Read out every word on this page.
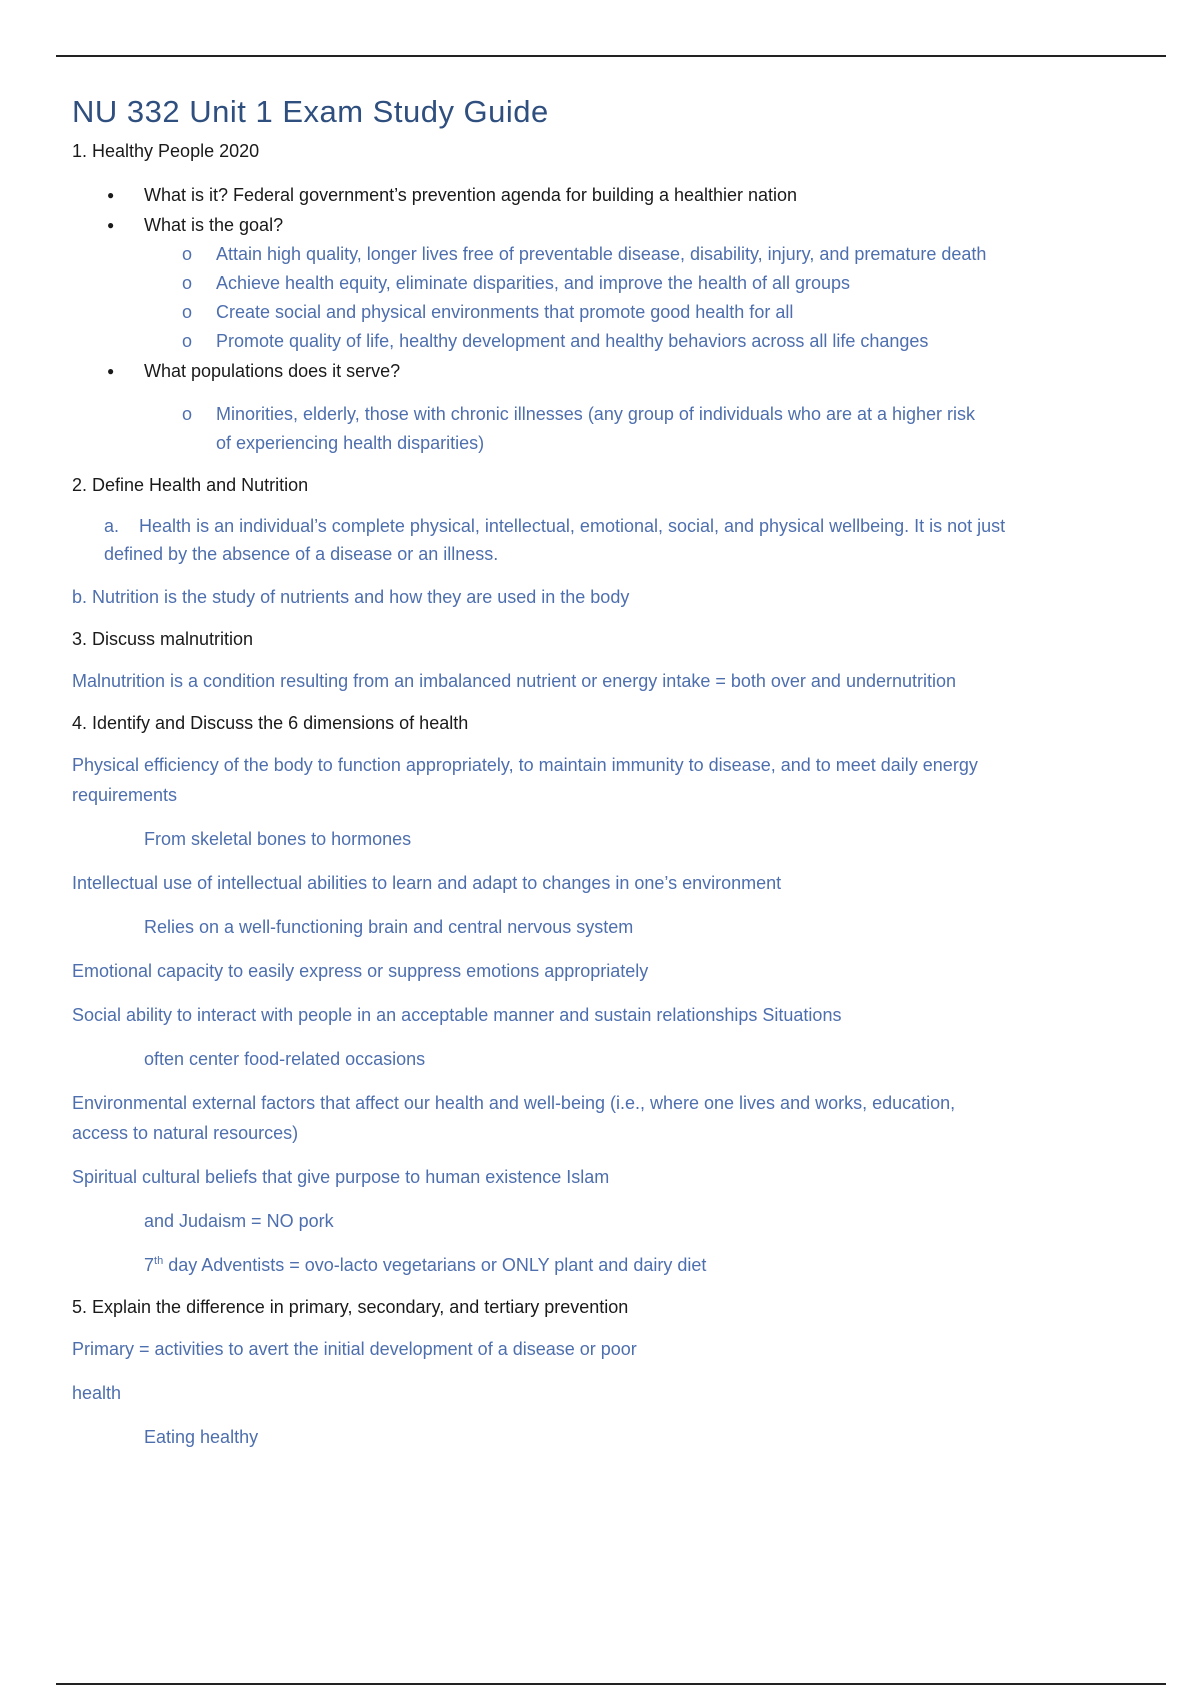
NU 332 Unit 1 Exam Study Guide
1. Healthy People 2020
● What is it? Federal government’s prevention agenda for building a healthier nation
● What is the goal?
o Attain high quality, longer lives free of preventable disease, disability, injury, and premature death
o Achieve health equity, eliminate disparities, and improve the health of all groups
o Create social and physical environments that promote good health for all
o Promote quality of life, healthy development and healthy behaviors across all life changes
● What populations does it serve?
o Minorities, elderly, those with chronic illnesses (any group of individuals who are at a higher risk
of experiencing health disparities)
2. Define Health and Nutrition
a. Health is an individual’s complete physical, intellectual, emotional, social, and physical wellbeing. It is not just
defined by the absence of a disease or an illness.
b. Nutrition is the study of nutrients and how they are used in the body
3. Discuss malnutrition
Malnutrition is a condition resulting from an imbalanced nutrient or energy intake = both over and undernutrition
4. Identify and Discuss the 6 dimensions of health
Physical efficiency of the body to function appropriately, to maintain immunity to disease, and to meet daily energy
requirements
From skeletal bones to hormones
Intellectual use of intellectual abilities to learn and adapt to changes in one’s environment
Relies on a well-functioning brain and central nervous system
Emotional capacity to easily express or suppress emotions appropriately
Social ability to interact with people in an acceptable manner and sustain relationships Situations
often center food-related occasions
Environmental external factors that affect our health and well-being (i.e., where one lives and works, education,
access to natural resources)
Spiritual cultural beliefs that give purpose to human existence Islam
and Judaism = NO pork
7th day Adventists = ovo-lacto vegetarians or ONLY plant and dairy diet
5. Explain the difference in primary, secondary, and tertiary prevention
Primary = activities to avert the initial development of a disease or poor
health
Eating healthy
